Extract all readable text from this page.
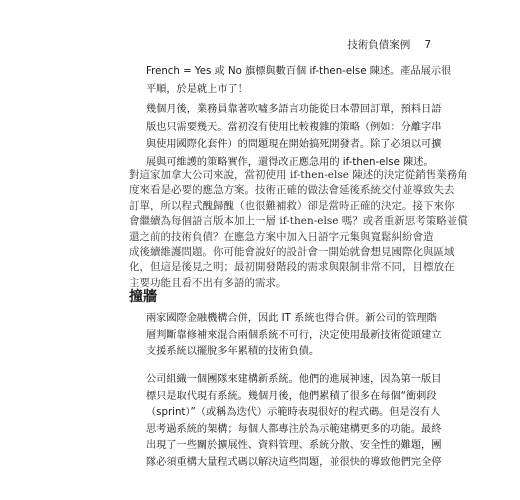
技術負債案例 7

French = Yes 或 No 旗標與數百個 if-then-else 陳述。產品展示很
平順，於是就上市了！

幾個月後，業務員靠著吹噓多語言功能從日本帶回訂單，預料日語
版也只需要幾天。當初沒有使用比較複雜的策略（例如：分離字串
與使用國際化套件）的問題現在開始搞死開發者。除了必須以可擴
展與可維護的策略實作，還得改正應急用的 if-then-else 陳述。

對這家加拿大公司來說，當初使用 if-then-else 陳述的決定從銷售業務角
度來看是必要的應急方案。技術正確的做法會延後系統交付並導致失去
訂單，所以程式醜歸醜（也很難補救）卻是當時正確的決定。接下來你
會繼續為每個語言版本加上一層 if-then-else 嗎？或者重新思考策略並償
還之前的技術負債？在應急方案中加入日語字元集與寬鬆糾紛會造
成後續維護問題。你可能會說好的設計會一開始就會想見國際化與區域
化，但這是後見之明；最初開發階段的需求與限制非常不同，目標放在
主要功能且看不出有多語的需求。

撞牆

兩家國際金融機構合併，因此 IT 系統也得合併。新公司的管理階
層判斷靠修補來混合兩個系統不可行，決定使用最新技術從頭建立
支援系統以擺脫多年累積的技術負債。

公司組織一個團隊來建構新系統。他們的進展神速，因為第一版目
標只是取代現有系統。幾個月後，他們累積了很多在每個“衝刺段
（sprint）”（或稱為迭代）示範時表現很好的程式碼。但是沒有人
思考過系統的架構；每個人都專注於為示範建構更多的功能。最終
出現了一些關於擴展性、資料管理、系統分散、安全性的難題，團
隊必須重構大量程式碼以解決這些問題，並很快的導致他們完全停
